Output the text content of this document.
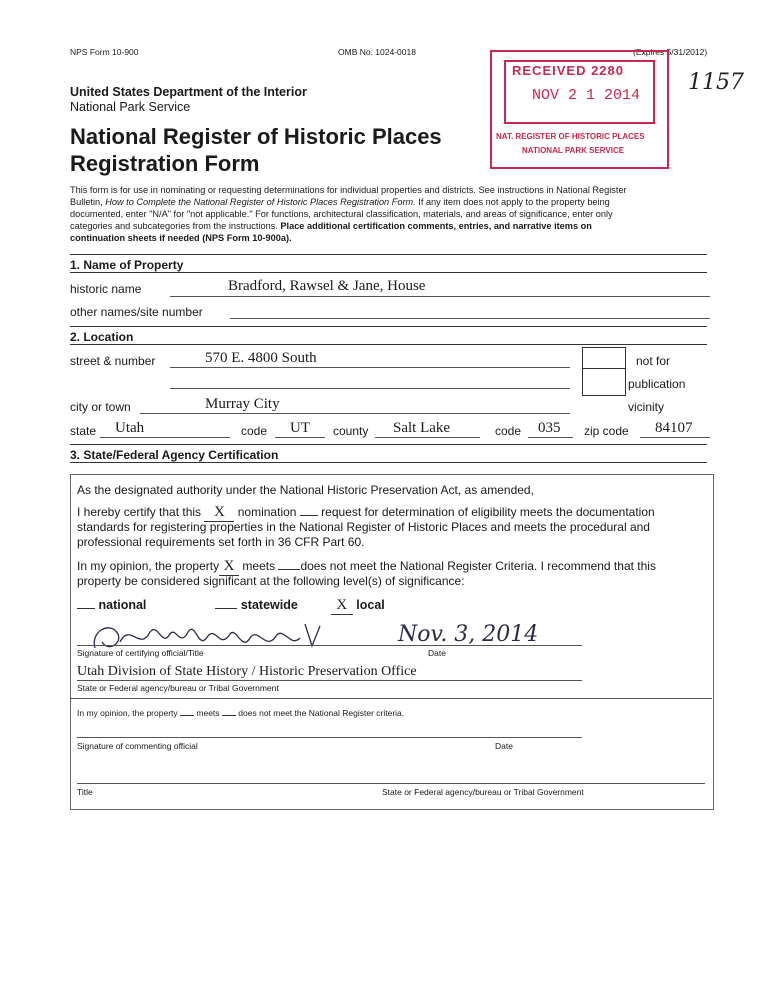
NPS Form 10-900	OMB No. 1024-0018	(Expires 5/31/2012)
RECEIVED 2280
NOV 2 1 2014
NAT. REGISTER OF HISTORIC PLACES
NATIONAL PARK SERVICE
1157
United States Department of the Interior
National Park Service
National Register of Historic Places
Registration Form
This form is for use in nominating or requesting determinations for individual properties and districts. See instructions in National Register
Bulletin, How to Complete the National Register of Historic Places Registration Form. If any item does not apply to the property being
documented, enter "N/A" for "not applicable." For functions, architectural classification, materials, and areas of significance, enter only
categories and subcategories from the instructions. Place additional certification comments, entries, and narrative items on
continuation sheets if needed (NPS Form 10-900a).
1. Name of Property
historic name	Bradford, Rawsel & Jane, House
other names/site number
2. Location
street & number	570 E. 4800 South	not for
publication
city or town	Murray City	vicinity
state Utah	code UT county Salt Lake	code 035 zip code 84107
3. State/Federal Agency Certification
As the designated authority under the National Historic Preservation Act, as amended,
I hereby certify that this X nomination request for determination of eligibility meets the documentation
standards for registering properties in the National Register of Historic Places and meets the procedural and
professional requirements set forth in 36 CFR Part 60.
In my opinion, the property X meets does not meet the National Register Criteria. I recommend that this
property be considered significant at the following level(s) of significance:
national	statewide	X local
Nov. 3, 2014
Signature of certifying official/Title	Date
Utah Division of State History / Historic Preservation Office
State or Federal agency/bureau or Tribal Government
In my opinion, the property meets does not meet the National Register criteria.
Signature of commenting official	Date
Title	State or Federal agency/bureau or Tribal Government
